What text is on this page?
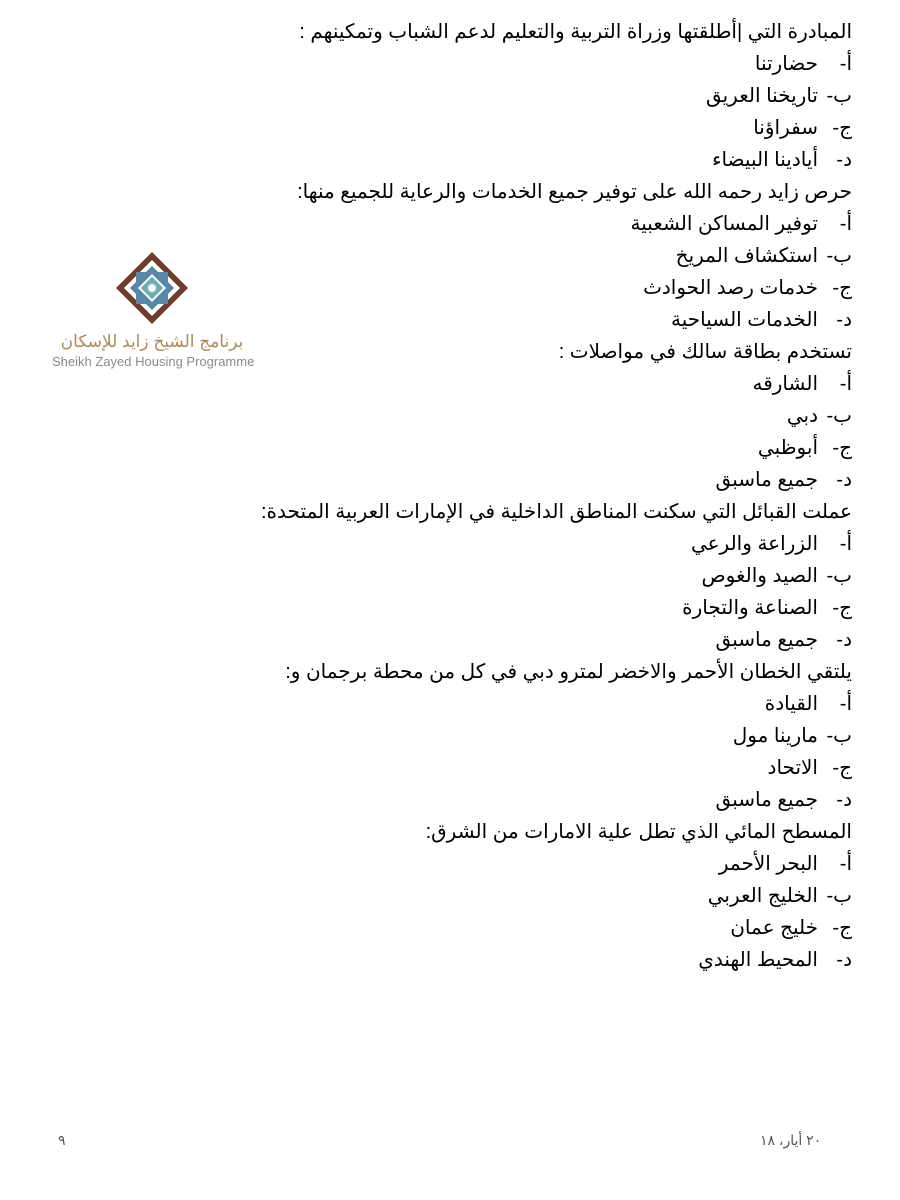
المبادرة التي |أطلقتها وزراة التربية والتعليم لدعم الشباب وتمكينهم :
أ-
حضارتنا
ب-
تاريخنا العريق
ج-
سفراؤنا
د-
أيادينا البيضاء
حرص زايد رحمه الله على توفير جميع الخدمات والرعاية للجميع منها:
أ-
توفير المساكن الشعبية
ب-
استكشاف المريخ
ج-
خدمات رصد الحوادث
د-
الخدمات السياحية
تستخدم بطاقة سالك في مواصلات :
أ-
الشارقه
ب-
دبي
ج-
أبوظبي
د-
جميع ماسبق
عملت القبائل التي سكنت المناطق الداخلية في الإمارات العربية المتحدة:
أ-
الزراعة والرعي
ب-
الصيد والغوص
ج-
الصناعة والتجارة
د-
جميع ماسبق
يلتقي الخطان الأحمر والاخضر لمترو دبي في كل من محطة برجمان و:
أ-
القيادة
ب-
مارينا مول
ج-
الاتحاد
د-
جميع ماسبق
المسطح المائي الذي تطل علية الامارات من الشرق:
أ-
البحر الأحمر
ب-
الخليج العربي
ج-
خليج عمان
د-
المحيط الهندي
برنامج الشيخ زايد للإسكان
Sheikh Zayed Housing Programme
٢٠ أيار، ١٨
٩
